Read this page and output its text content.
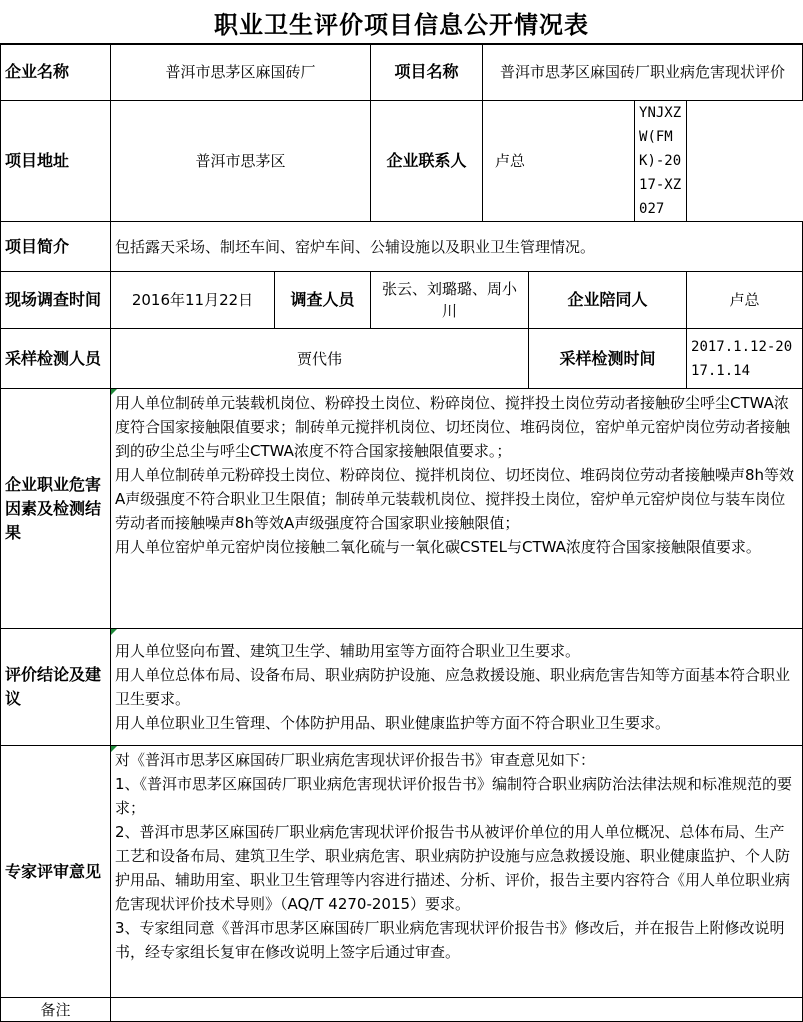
职业卫生评价项目信息公开情况表
企业名称	普洱市思茅区麻国砖厂		项目名称	普洱市思茅区麻国砖厂职业病危害现状评价			
项目地址	普洱市思茅区		企业联系人	卢总		YNJXZW(FMK)-2017-XZ027	
项目简介	包括露天采场、制坯车间、窑炉车间、公辅设施以及职业卫生管理情况。						
现场调查时间	2016年11月22日	调查人员	张云、刘璐璐、周小川		企业陪同人		卢总
采样检测人员	贾代伟				采样检测时间		2017.1.12-2017.1.14
企业职业危害因素及检测结果	用人单位制砖单元装载机岗位、粉碎投土岗位、粉碎岗位、搅拌投土岗位劳动者接触矽尘呼尘CTWA浓度符合国家接触限值要求；制砖单元搅拌机岗位、切坯岗位、堆码岗位，窑炉单元窑炉岗位劳动者接触到的矽尘总尘与呼尘CTWA浓度不符合国家接触限值要求。；
用人单位制砖单元粉碎投土岗位、粉碎岗位、搅拌机岗位、切坯岗位、堆码岗位劳动者接触噪声8h等效A声级强度不符合职业卫生限值；制砖单元装载机岗位、搅拌投土岗位，窑炉单元窑炉岗位与装车岗位劳动者而接触噪声8h等效A声级强度符合国家职业接触限值；
用人单位窑炉单元窑炉岗位接触二氧化硫与一氧化碳CSTEL与CTWA浓度符合国家接触限值要求。						

评价结论及建议	用人单位竖向布置、建筑卫生学、辅助用室等方面符合职业卫生要求。
用人单位总体布局、设备布局、职业病防护设施、应急救援设施、职业病危害告知等方面基本符合职业卫生要求。
用人单位职业卫生管理、个体防护用品、职业健康监护等方面不符合职业卫生要求。						

专家评审意见	对《普洱市思茅区麻国砖厂职业病危害现状评价报告书》审查意见如下：
1、《普洱市思茅区麻国砖厂职业病危害现状评价报告书》编制符合职业病防治法律法规和标准规范的要求；
2、普洱市思茅区麻国砖厂职业病危害现状评价报告书从被评价单位的用人单位概况、总体布局、生产工艺和设备布局、建筑卫生学、职业病危害、职业病防护设施与应急救援设施、职业健康监护、个人防护用品、辅助用室、职业卫生管理等内容进行描述、分析、评价，报告主要内容符合《用人单位职业病危害现状评价技术导则》（AQ/T 4270-2015）要求。
3、专家组同意《普洱市思茅区麻国砖厂职业病危害现状评价报告书》修改后，并在报告上附修改说明书，经专家组长复审在修改说明上签字后通过审查。						

备注							
